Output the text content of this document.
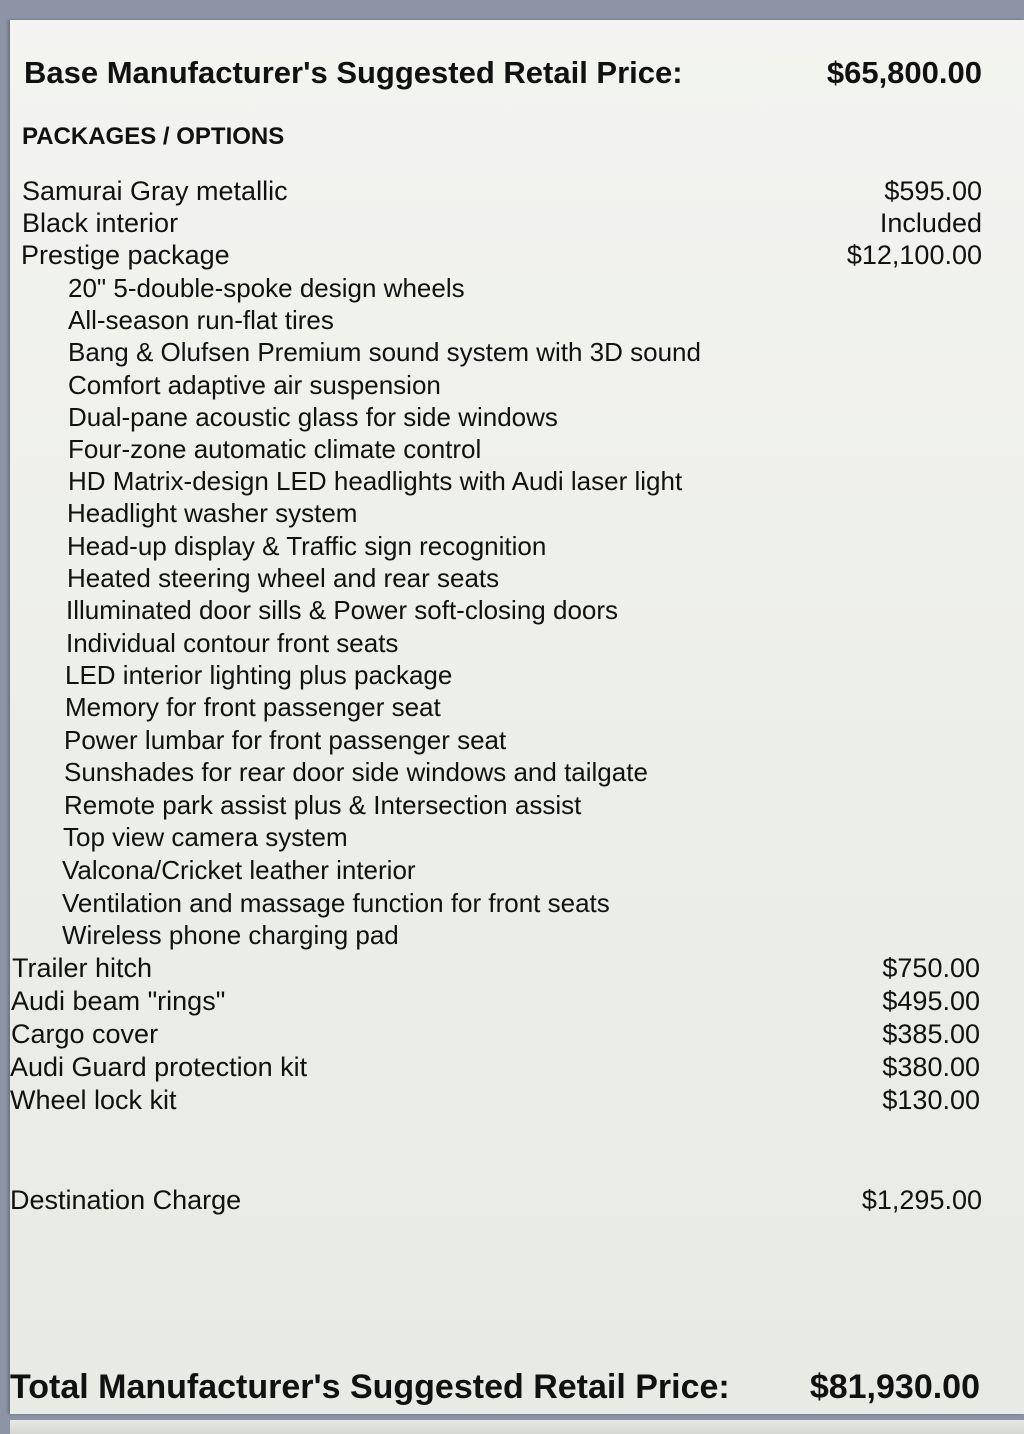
Base Manufacturer's Suggested Retail Price:	$65,800.00
PACKAGES / OPTIONS
Samurai Gray metallic	$595.00
Black interior	Included
Prestige package	$12,100.00
20" 5-double-spoke design wheels
All-season run-flat tires
Bang & Olufsen Premium sound system with 3D sound
Comfort adaptive air suspension
Dual-pane acoustic glass for side windows
Four-zone automatic climate control
HD Matrix-design LED headlights with Audi laser light
Headlight washer system
Head-up display & Traffic sign recognition
Heated steering wheel and rear seats
Illuminated door sills & Power soft-closing doors
Individual contour front seats
LED interior lighting plus package
Memory for front passenger seat
Power lumbar for front passenger seat
Sunshades for rear door side windows and tailgate
Remote park assist plus & Intersection assist
Top view camera system
Valcona/Cricket leather interior
Ventilation and massage function for front seats
Wireless phone charging pad
Trailer hitch	$750.00
Audi beam "rings"	$495.00
Cargo cover	$385.00
Audi Guard protection kit	$380.00
Wheel lock kit	$130.00
Destination Charge	$1,295.00
Total Manufacturer's Suggested Retail Price: $81,930.00
